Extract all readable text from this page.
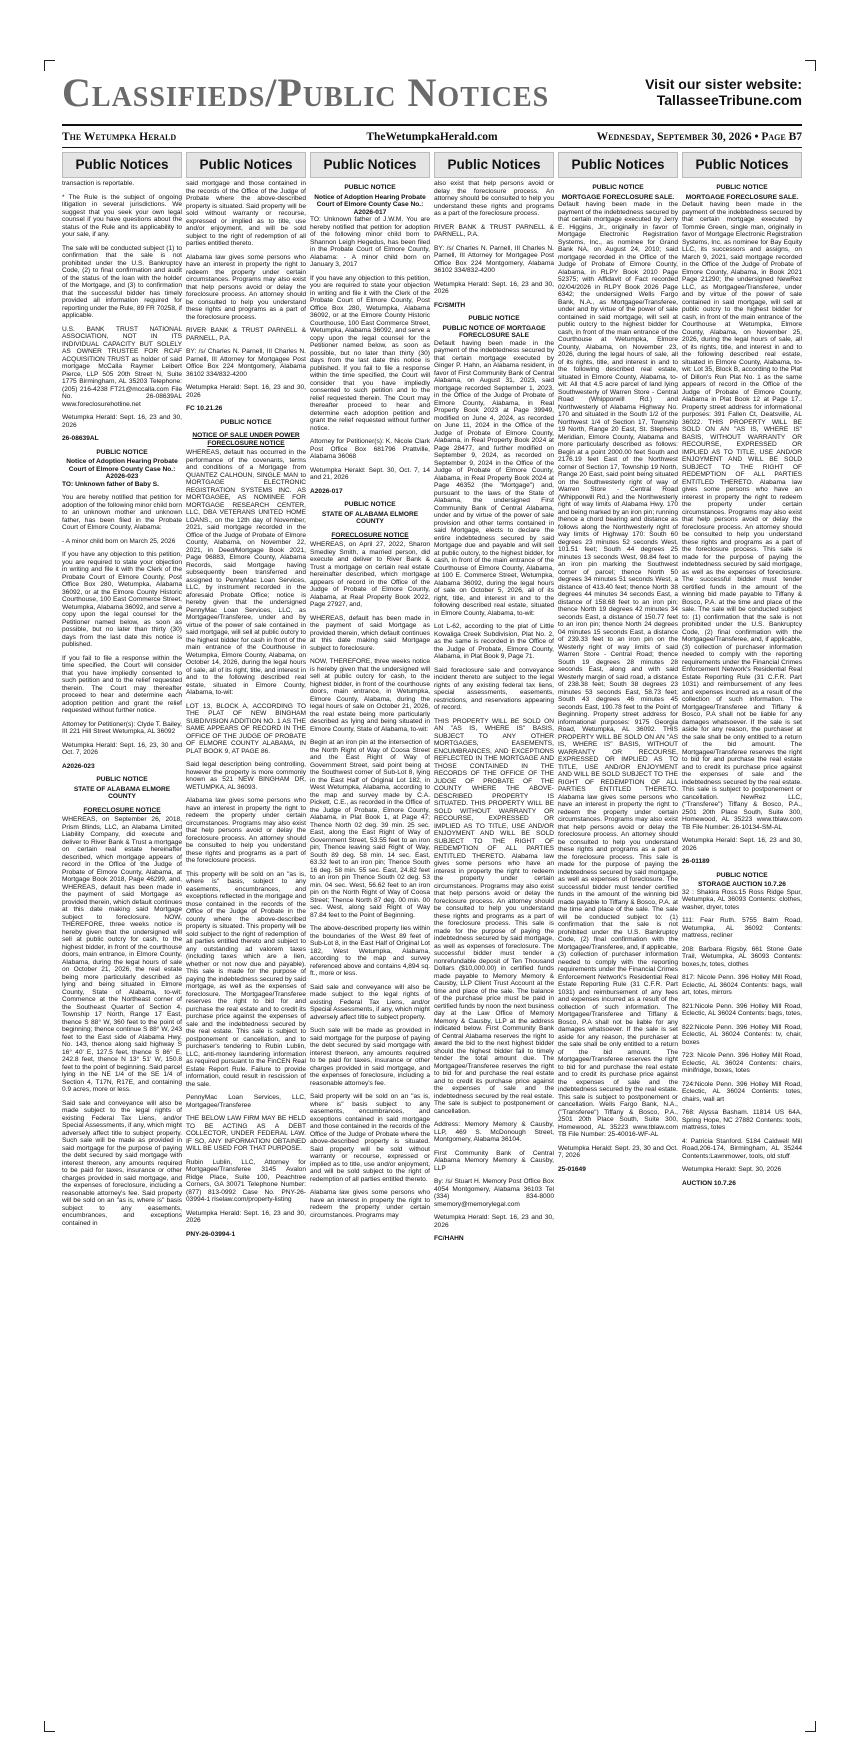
Classifieds/Public Notices	Visit our sister website:
TallasseeTribune.com
The Wetumpka Herald	TheWetumpkaHerald.com	Wednesday, September 30, 2026 • Page B7
Public Notices

transaction is reportable.

* The Rule is the subject of ongoing litigation in several jurisdictions. We suggest that you seek your own legal counsel if you have questions about the status of the Rule and its applicability to your sale, if any.

The sale will be conducted subject (1) to confirmation that the sale is not prohibited under the U.S. Bankruptcy Code, (2) to final confirmation and audit of the status of the loan with the holder of the Mortgage, and (3) to confirmation that the successful bidder has timely provided all information required for reporting under the Rule, 89 FR 70258, if applicable.

U.S. BANK TRUST NATIONAL ASSOCIATION, NOT IN ITS INDIVIDUAL CAPACITY BUT SOLELY AS OWNER TRUSTEE FOR RCAF ACQUISITION TRUST as holder of said mortgage McCalla Raymer Leibert Pierce, LLP 505 20th Street N, Suite 1775 Birmingham, AL 35203 Telephone: (205) 216-4238 FT21@mccalla.com File No. 26-08639AL www.foreclosurehotline.net

Wetumpka Herald: Sept. 16, 23 and 30, 2026

26-08639AL

PUBLIC NOTICE
Notice of Adoption Hearing Probate Court of Elmore County Case No.: A2026-023

TO: Unknown father of Baby S.

You are hereby notified that petition for adoption of the following minor child born to an unknown mother and unknown father, has been filed in the Probate Court of Elmore County, Alabama:

- A minor child born on March 25, 2026

If you have any objection to this petition, you are required to state your objection in writing and file it with the Clerk of the Probate Court of Elmore County, Post Office Box 280, Wetumpka, Alabama 36092, or at the Elmore County Historic Courthouse, 100 East Commerce Street, Wetumpka, Alabama 36092, and serve a copy upon the legal counsel for the Petitioner named below, as soon as possible, but no later than thirty (30) days from the last date this notice is published.

If you fail to file a response within the time specified, the Court will consider that you have impliedly consented to such petition and to the relief requested therein. The Court may thereafter proceed to hear and determine each adoption petition and grant the relief requested without further notice.

Attorney for Petitioner(s): Clyde T. Bailey, III 221 Hill Street Wetumpka, AL 36092

Wetumpka Herald: Sept. 16, 23, 30 and Oct. 7, 2026

A2026-023

PUBLIC NOTICE
STATE OF ALABAMA ELMORE COUNTY
FORECLOSURE NOTICE

WHEREAS, on September 26, 2018, Prism Blinds, LLC, an Alabama Limited Liability Company, did execute and deliver to River Bank & Trust a mortgage on certain real estate hereinafter described, which mortgage appears of record in the Office of the Judge of Probate of Elmore County, Alabama, at Mortgage Book 2018, Page 46299, and, WHEREAS, default has been made in the payment of said Mortgage as provided therein, which default continues at this date making said Mortgage subject to foreclosure. NOW, THEREFORE, three weeks notice is hereby given that the undersigned will sell at public outcry for cash, to the highest bidder, in front of the courthouse doors, main entrance, in Elmore County, Alabama, during the legal hours of sale on October 21, 2026, the real estate being more particularly described as lying and being situated in Elmore County, State of Alabama, to-wit: Commence at the Northeast corner of the Southeast Quarter of Section 4, Township 17 North, Range 17 East, thence S 88° W, 360 feet to the point of beginning; thence continue S 88° W, 243 feet to the East side of Alabama Hwy. No. 143, thence along said highway S 16° 40' E, 127.5 feet, thence S 86° E, 242.8 feet, thence N 13° 51' W, 150.8 feet to the point of beginning. Said parcel lying in the NE 1/4 of the SE 1/4 of Section 4, T17N, R17E, and containing 0.9 acres, more or less.

Said sale and conveyance will also be made subject to the legal rights of existing Federal Tax Liens, and/or Special Assessments, if any, which might adversely affect title to subject property. Such sale will be made as provided in said mortgage for the purpose of paying the debt secured by said mortgage with interest thereon, any amounts required to be paid for taxes, insurance or other charges provided in said mortgage, and the expenses of foreclosure, including a reasonable attorney's fee. Said property will be sold on an "as is, where is" basis subject to any easements, encumbrances, and exceptions contained in

Public Notices

said mortgage and those contained in the records of the Office of the Judge of Probate where the above-described property is situated. Said property will be sold without warranty or recourse, expressed or implied as to title, use and/or enjoyment, and will be sold subject to the right of redemption of all parties entitled thereto.

Alabama law gives some persons who have an interest in property the right to redeem the property under certain circumstances. Programs may also exist that help persons avoid or delay the foreclosure process. An attorney should be consulted to help you understand these rights and programs as a part of the foreclosure process.

RIVER BANK & TRUST PARNELL & PARNELL, P.A.

BY: /s/ Charles N. Parnell, III Charles N. Parnell, III Attorney for Mortgagee Post Office Box 224 Montgomery, Alabama 36102 334/832-4200

Wetumpka Herald: Sept. 16, 23 and 30, 2026

FC 10.21.26

PUBLIC NOTICE
NOTICE OF SALE UNDER POWER FORECLOSURE NOTICE

WHEREAS, default has occurred in the performance of the covenants, terms and conditions of a Mortgage from QUANTEZ CALHOUN, SINGLE MAN to MORTGAGE ELECTRONIC REGISTRATION SYSTEMS INC. AS MORTGAGEE, AS NOMINEE FOR MORTGAGE RESEARCH CENTER, LLC, DBA VETERANS UNITED HOME LOANS., on the 12th day of November, 2021, said mortgage recorded in the Office of the Judge of Probate of Elmore County, Alabama, on November 22, 2021, in Deed/Mortgage Book 2021, Page 96883, Elmore County, Alabama Records, said Mortgage having subsequently been transferred and assigned to PennyMac Loan Services, LLC, by instrument recorded in the aforesaid Probate Office; notice is hereby given that the undersigned PennyMac Loan Services, LLC, as Mortgagee/Transferee, under and by virtue of the power of sale contained in said mortgage, will sell at public outcry to the highest bidder for cash in front of the main entrance of the Courthouse in Wetumpka, Elmore County, Alabama, on October 14, 2026, during the legal hours of sale, all of its right, title, and interest in and to the following described real estate, situated in Elmore County, Alabama, to-wit:

LOT 13, BLOCK A, ACCORDING TO THE PLAT OF NEW BINGHAM SUBDIVISION ADDITION NO. 1 AS THE SAME APPEARS OF RECORD IN THE OFFICE OF THE JUDGE OF PROBATE OF ELMORE COUNTY ALABAMA, IN PLAT BOOK 9, AT PAGE 86.

Said legal description being controlling, however the property is more commonly known as 521 NEW BINGHAM DR, WETUMPKA, AL 36093.

Alabama law gives some persons who have an interest in property the right to redeem the property under certain circumstances. Programs may also exist that help persons avoid or delay the foreclosure process. An attorney should be consulted to help you understand these rights and programs as a part of the foreclosure process.

This property will be sold on an "as is, where is" basis, subject to any easements, encumbrances, and exceptions reflected in the mortgage and those contained in the records of the Office of the Judge of Probate in the county where the above-described property is situated. This property will be sold subject to the right of redemption of all parties entitled thereto and subject to any outstanding ad valorem taxes (including taxes which are a lien, whether or not now due and payable). This sale is made for the purpose of paying the indebtedness secured by said mortgage, as well as the expenses of foreclosure. The Mortgagee/Transferee reserves the right to bid for and purchase the real estate and to credit its purchase price against the expenses of sale and the indebtedness secured by the real estate. This sale is subject to postponement or cancellation, and to purchaser's tendering to Rubin Lublin, LLC, anti-money laundering information as required pursuant to the FinCEN Real Estate Report Rule. Failure to provide information, could result in rescission of the sale.

PennyMac Loan Services, LLC, Mortgagee/Transferee

THE BELOW LAW FIRM MAY BE HELD TO BE ACTING AS A DEBT COLLECTOR, UNDER FEDERAL LAW. IF SO, ANY INFORMATION OBTAINED WILL BE USED FOR THAT PURPOSE.

Rubin Lublin, LLC, Attorney for Mortgagee/Transferee 3145 Avalon Ridge Place, Suite 100, Peachtree Corners, GA 30071 Telephone Number: (877) 813-0992 Case No. PNY-26-03994-1 rlselaw.com/property-listing

Wetumpka Herald: Sept. 16, 23 and 30, 2026

PNY-26-03994-1

Public Notices
PUBLIC NOTICE
Notice of Adoption Hearing Probate Court of Elmore County Case No.: A2026-017

TO: Unknown father of J.W.M. You are hereby notified that petition for adoption of the following minor child born to Shannon Leigh Hegedus, has been filed in the Probate Court of Elmore County, Alabama: - A minor child born on January 3, 2017

If you have any objection to this petition, you are required to state your objection in writing and file it with the Clerk of the Probate Court of Elmore County, Post Office Box 280, Wetumpka, Alabama 36092, or at the Elmore County Historic Courthouse, 100 East Commerce Street, Wetumpka, Alabama 36092, and serve a copy upon the legal counsel for the Petitioner named below, as soon as possible, but no later than thirty (30) days from the last date this notice is published. If you fail to file a response within the time specified, the Court will consider that you have impliedly consented to such petition and to the relief requested therein. The Court may thereafter proceed to hear and determine each adoption petition and grant the relief requested without further notice.

Attorney for Petitioner(s): K. Nicole Clark Post Office Box 681796 Prattville, Alabama 36068

Wetumpka Herald: Sept. 30, Oct. 7, 14 and 21, 2026

A2026-017

PUBLIC NOTICE
STATE OF ALABAMA ELMORE COUNTY
FORECLOSURE NOTICE

WHEREAS, on April 27, 2022, Sharon Smedley Smith, a married person, did execute and deliver to River Bank & Trust a mortgage on certain real estate hereinafter described, which mortgage appears of record in the Office of the Judge of Probate of Elmore County, Alabama, at Real Property Book 2022, Page 27927, and,

WHEREAS, default has been made in the payment of said Mortgage as provided therein, which default continues at this date making said Mortgage subject to foreclosure.

NOW, THEREFORE, three weeks notice is hereby given that the undersigned will sell at public outcry for cash, to the highest bidder, in front of the courthouse doors, main entrance, in Wetumpka, Elmore County, Alabama, during the legal hours of sale on October 21, 2026, the real estate being more particularly described as lying and being situated in Elmore County, State of Alabama, to-wit:

Begin at an iron pin at the intersection of the North Right of Way of Coosa Street and the East Right of Way of Government Street, said point being at the Southwest corner of Sub-Lot 8, lying in the East Half of Original Lot 182, in West Wetumpka, Alabama, according to the map and survey made by C.A. Pickett, C.E., as recorded in the Office of the Judge of Probate, Elmore County, Alabama, in Plat Book 1, at Page 47; Thence North 02 deg. 39 min. 25 sec. East, along the East Right of Way of Government Street, 53.55 feet to an iron pin; Thence leaving said Right of Way, South 89 deg. 58 min. 14 sec. East, 63.32 feet to an iron pin; Thence South 16 deg. 58 min. 55 sec. East, 24.82 feet to an iron pin Thence South 02 deg. 53 min. 04 sec. West, 56.62 feet to an iron pin on the North Right of Way of Coosa Street; Thence North 87 deg. 00 min. 00 sec. West, along said Right of Way 87.84 feet to the Point of Beginning.

The above-described property lies within the boundaries of the West 89 feet of Sub-Lot 8, in the East Half of Original Lot 182, West Wetumpka, Alabama, according to the map and survey referenced above and contains 4,894 sq. ft., more or less.

Said sale and conveyance will also be made subject to the legal rights of existing Federal Tax Liens, and/or Special Assessments, if any, which might adversely affect title to subject property.

Such sale will be made as provided in said mortgage for the purpose of paying the debt secured by said mortgage with interest thereon, any amounts required to be paid for taxes, insurance or other charges provided in said mortgage, and the expenses of foreclosure, including a reasonable attorney's fee.

Said property will be sold on an "as is, where is" basis subject to any easements, encumbrances, and exceptions contained in said mortgage and those contained in the records of the Office of the Judge of Probate where the above-described property is situated. Said property will be sold without warranty or recourse, expressed or implied as to title, use and/or enjoyment, and will be sold subject to the right of redemption of all parties entitled thereto.

Alabama law gives some persons who have an interest in property the right to redeem the property under certain circumstances. Programs may

Public Notices

also exist that help persons avoid or delay the foreclosure process. An attorney should be consulted to help you understand these rights and programs as a part of the foreclosure process.

RIVER BANK & TRUST PARNELL & PARNELL, P.A.

BY: /s/ Charles N. Parnell, III Charles N. Parnell, III Attorney for Mortgagee Post Office Box 224 Montgomery, Alabama 36102 334/832-4200

Wetumpka Herald: Sept. 16, 23 and 30, 2026

FC/SMITH

PUBLIC NOTICE
PUBLIC NOTICE OF MORTGAGE FORECLOSURE SALE

Default having been made in the payment of the indebtedness secured by that certain mortgage executed by Ginger P. Hahn, an Alabama resident, in favor of First Community Bank of Central Alabama, on August 31, 2023, said mortgage recorded September 1, 2023, in the Office of the Judge of Probate of Elmore County, Alabama, in Real Property Book 2023 at Page 39949, modified on June 4, 2024, as recorded on June 11, 2024 in the Office of the Judge of Probate of Elmore County, Alabama, in Real Property Book 2024 at Page 28477, and further modified on September 9, 2024, as recorded on September 9, 2024 in the Office of the Judge of Probate of Elmore County, Alabama, in Real Property Book 2024 at Page 46352 (the "Mortgage") and, pursuant to the laws of the State of Alabama, the undersigned First Community Bank of Central Alabama, under and by virtue of the power of sale provision and other terms contained in said Mortgage, elects to declare the entire indebtedness secured by said Mortgage due and payable and will sell at public outcry, to the highest bidder, for cash, in front of the main entrance of the Courthouse of Elmore County, Alabama, at 100 E. Commerce Street, Wetumpka, Alabama 36092, during the legal hours of sale on October 5, 2026, all of its right, title, and interest in and to the following described real estate, situated in Elmore County, Alabama, to-wit:

Lot L-62, according to the plat of Little Kowaliga Creek Subdivision, Plat No. 2, as the same is recorded in the Office of the Judge of Probate, Elmore County, Alabama, in Plat Book 9, Page 71.

Said foreclosure sale and conveyance incident thereto are subject to the legal rights of any existing federal tax liens, special assessments, easements, restrictions, and reservations appearing of record.

THIS PROPERTY WILL BE SOLD ON AN "AS IS, WHERE IS" BASIS, SUBJECT TO ANY OTHER MORTGAGES, EASEMENTS, ENCUMBRANCES, AND EXCEPTIONS REFLECTED IN THE MORTGAGE AND THOSE CONTAINED IN THE RECORDS OF THE OFFICE OF THE JUDGE OF PROBATE OF THE COUNTY WHERE THE ABOVE-DESCRIBED PROPERTY IS SITUATED. THIS PROPERTY WILL BE SOLD WITHOUT WARRANTY OR RECOURSE, EXPRESSED OR IMPLIED AS TO TITLE, USE AND/OR ENJOYMENT AND WILL BE SOLD SUBJECT TO THE RIGHT OF REDEMPTION OF ALL PARTIES ENTITLED THERETO. Alabama law gives some persons who have an interest in property the right to redeem the property under certain circumstances. Programs may also exist that help persons avoid or delay the foreclosure process. An attorney should be consulted to help you understand these rights and programs as a part of the foreclosure process. This sale is made for the purpose of paying the indebtedness secured by said mortgage, as well as expenses of foreclosure. The successful bidder must tender a nonrefundable deposit of Ten Thousand Dollars ($10,000.00) in certified funds made payable to Memory Memory & Causby, LLP Client Trust Account at the time and place of the sale. The balance of the purchase price must be paid in certified funds by noon the next business day at the Law Office of Memory Memory & Causby, LLP at the address indicated below. First Community Bank of Central Alabama reserves the right to award the bid to the next highest bidder should the highest bidder fail to timely tender the total amount due. The Mortgagee/Transferee reserves the right to bid for and purchase the real estate and to credit its purchase price against the expenses of sale and the indebtedness secured by the real estate. The sale is subject to postponement or cancellation.

Address: Memory Memory & Causby, LLP, 469 S. McDonough Street, Montgomery, Alabama 36104.

First Community Bank of Central Alabama Memory Memory & Causby, LLP

By: /s/ Stuart H. Memory Post Office Box 4054 Montgomery, Alabama 36103 Tel (334) 834-8000 smemory@memorylegal.com

Wetumpka Herald: Sept. 16, 23 and 30, 2026

FC/HAHN

Public Notices
PUBLIC NOTICE
MORTGAGE FORECLOSURE SALE.

Default having been made in the payment of the indebtedness secured by that certain mortgage executed by Jerry E. Higgins, Jr., originally in favor of Mortgage Electronic Registration Systems, Inc., as nominee for Grand Bank NA, on August 24, 2010; said mortgage recorded in the Office of the Judge of Probate of Elmore County, Alabama, in RLPY Book 2010 Page 52375; with Affidavit of Fact recorded 02/04/2026 in RLPY Book 2026 Page 6342; the undersigned Wells Fargo Bank, N.A., as Mortgagee/Transferee, under and by virtue of the power of sale contained in said mortgage, will sell at public outcry to the highest bidder for cash, in front of the main entrance of the Courthouse at Wetumpka, Elmore County, Alabama, on November 23, 2026, during the legal hours of sale, all of its rights, title, and interest in and to the following described real estate, situated in Elmore County, Alabama, to-wit: All that 4.5 acre parcel of land lying Southwesterly of Warren Store - Central Road (Whipporwill Rd.) and Northwesterly of Alabama Highway No. 170 and situated in the South 1/2 of the Northwest 1/4 of Section 17, Township 19 North, Range 20 East, St. Stephens Meridian, Elmore County, Alabama and more particularly described as follows: Begin at a point 2000.00 feet South and 2176.19 feet East of the Northwest corner of Section 17, Township 19 North, Range 20 East, said point being situated on the Southwesterly right of way of Warren Store - Central Road (Whipporwill Rd.) and the Northwesterly right of way limits of Alabama Hwy. 170 and being marked by an iron pin; running thence a chord bearing and distance as follows along the Northwesterly right of way limits of Highway 170: South 60 degrees 23 minutes 52 seconds West, 101.51 feet; South 44 degrees 25 minutes 13 seconds West, 98.84 feet to an iron pin marking the Southwest corner of parcel; thence North 50 degrees 34 minutes 51 seconds West, a distance of 413.40 feet; thence North 38 degrees 44 minutes 34 seconds East, a distance of 158.68 feet to an iron pin; thence North 19 degrees 42 minutes 34 seconds East, a distance of 150.77 feet to an iron pin; thence North 24 degrees 04 minutes 15 seconds East, a distance of 239.33 feet to an iron pin on the Westerly right of way limits of said Warren Store - Central Road; thence South 19 degrees 28 minutes 28 seconds East, along and with said Westerly margin of said road, a distance of 238.38 feet; South 38 degrees 23 minutes 53 seconds East, 58.73 feet; South 43 degrees 46 minutes 45 seconds East, 190.78 feet to the Point of Beginning. Property street address for informational purposes: 9175 Georgia Road, Wetumpka, AL 36092. THIS PROPERTY WILL BE SOLD ON AN "AS IS, WHERE IS" BASIS, WITHOUT WARRANTY OR RECOURSE, EXPRESSED OR IMPLIED AS TO TITLE, USE AND/OR ENJOYMENT AND WILL BE SOLD SUBJECT TO THE RIGHT OF REDEMPTION OF ALL PARTIES ENTITLED THERETO. Alabama law gives some persons who have an interest in property the right to redeem the property under certain circumstances. Programs may also exist that help persons avoid or delay the foreclosure process. An attorney should be consulted to help you understand these rights and programs as a part of the foreclosure process. This sale is made for the purpose of paying the indebtedness secured by said mortgage, as well as expenses of foreclosure. The successful bidder must tender certified funds in the amount of the winning bid made payable to Tiffany & Bosco, P.A. at the time and place of the sale. The sale will be conducted subject to: (1) confirmation that the sale is not prohibited under the U.S. Bankruptcy Code, (2) final confirmation with the Mortgagee/Transferee, and, if applicable, (3) collection of purchaser information needed to comply with the reporting requirements under the Financial Crimes Enforcement Network's Residential Real Estate Reporting Rule (31 C.F.R. Part 1031) and reimbursement of any fees and expenses incurred as a result of the collection of such information. The Mortgagee/Transferee and Tiffany & Bosco, P.A shall not be liable for any damages whatsoever. If the sale is set aside for any reason, the purchaser at the sale shall be only entitled to a return of the bid amount. The Mortgagee/Transferee reserves the right to bid for and purchase the real estate and to credit its purchase price against the expenses of sale and the indebtedness secured by the real estate. This sale is subject to postponement or cancellation. Wells Fargo Bank, N.A., ("Transferee") Tiffany & Bosco, P.A., 2501 20th Place South, Suite 300, Homewood, AL 35223 www.tblaw.com TB File Number: 25-40016-WF-AL

Wetumpka Herald: Sept. 23, 30 and Oct. 7, 2026

25-01649

Public Notices
PUBLIC NOTICE
MORTGAGE FORECLOSURE SALE.

Default having been made in the payment of the indebtedness secured by that certain mortgage executed by Tommie Green, single man, originally in favor of Mortgage Electronic Registration Systems, Inc. as nominee for Bay Equity LLC, its successors and assigns, on March 9, 2021, said mortgage recorded in the Office of the Judge of Probate of Elmore County, Alabama, in Book 2021 Page 21290; the undersigned NewRez LLC, as Mortgagee/Transferee, under and by virtue of the power of sale contained in said mortgage, will sell at public outcry to the highest bidder for cash, in front of the main entrance of the Courthouse at Wetumpka, Elmore County, Alabama, on November 25, 2026, during the legal hours of sale, all of its rights, title, and interest in and to the following described real estate, situated in Elmore County, Alabama, to-wit: Lot 35, Block B, according to the Plat of Dillon's Run Plat No. 1 as the same appears of record in the Office of the Judge of Probate of Elmore County, Alabama in Plat Book 12 at Page 17.. Property street address for informational purposes: 391 Fallen Ct, Deatsville, AL 36022. THIS PROPERTY WILL BE SOLD ON AN "AS IS, WHERE IS" BASIS, WITHOUT WARRANTY OR RECOURSE, EXPRESSED OR IMPLIED AS TO TITLE, USE AND/OR ENJOYMENT AND WILL BE SOLD SUBJECT TO THE RIGHT OF REDEMPTION OF ALL PARTIES ENTITLED THERETO. Alabama law gives some persons who have an interest in property the right to redeem the property under certain circumstances. Programs may also exist that help persons avoid or delay the foreclosure process. An attorney should be consulted to help you understand these rights and programs as a part of the foreclosure process. This sale is made for the purpose of paying the indebtedness secured by said mortgage, as well as the expenses of foreclosure. The successful bidder must tender certified funds in the amount of the winning bid made payable to Tiffany & Bosco, P.A. at the time and place of the sale. The sale will be conducted subject to: (1) confirmation that the sale is not prohibited under the U.S. Bankruptcy Code, (2) final confirmation with the Mortgagee/Transferee, and, if applicable, (3) collection of purchaser information needed to comply with the reporting requirements under the Financial Crimes Enforcement Network's Residential Real Estate Reporting Rule (31 C.F.R. Part 1031) and reimbursement of any fees and expenses incurred as a result of the collection of such information. The Mortgagee/Transferee and Tiffany & Bosco, P.A shall not be liable for any damages whatsoever. If the sale is set aside for any reason, the purchaser at the sale shall be only entitled to a return of the bid amount. The Mortgagee/Transferee reserves the right to bid for and purchase the real estate and to credit its purchase price against the expenses of sale and the indebtedness secured by the real estate. This sale is subject to postponement or cancellation. NewRez LLC, ("Transferee") Tiffany & Bosco, P.A., 2501 20th Place South, Suite 300, Homewood, AL 35223 www.tblaw.com TB File Number: 26-10134-SM-AL

Wetumpka Herald: Sept. 16, 23 and 30, 2026

26-01189

PUBLIC NOTICE
STORAGE AUCTION 10.7.26

32 : Shakira Ross.15 Ross Ridge Spur, Wetumpka, AL 36093 Contents: clothes, washer, dryer, totes

111: Fear Ruth. 5755 Balm Road, Wetumpka, AL 36092 Contents: mattress, recliner

208: Barbara Rigsby. 661 Stone Gate Trail, Wetumpka, AL 36093 Contents: boxes,tv, totes, clothes

817: Nicole Penn. 396 Holley Mill Road, Eclectic, AL 36024 Contents: bags, wall art, totes, mirrors

821:Nicole Penn. 396 Holley Mill Road, Eclectic, AL 36024 Contents: bags, totes,

822:Nicole Penn. 396 Holley Mill Road, Eclectic, AL 36024 Contents: tv, chair, boxes

723: Nicole Penn. 396 Holley Mill Road, Eclectic, AL 36024 Contents: chairs, minifridge, boxes, totes

724:Nicole Penn. 396 Holley Mill Road, Eclectic, AL 36024 Contents: totes, chairs, wall art

768: Alyssa Basham. 11814 US 64A, Spring Hope, NC 27882 Contents: tools, mattress, totes

4: Patricia Stanford. 5184 Caldwell Mill Road,206-174, Birmingham, AL 35244 Contents:Lawnmower, tools, old stuff

Wetumpka Herald: Sept. 30, 2026

AUCTION 10.7.26
